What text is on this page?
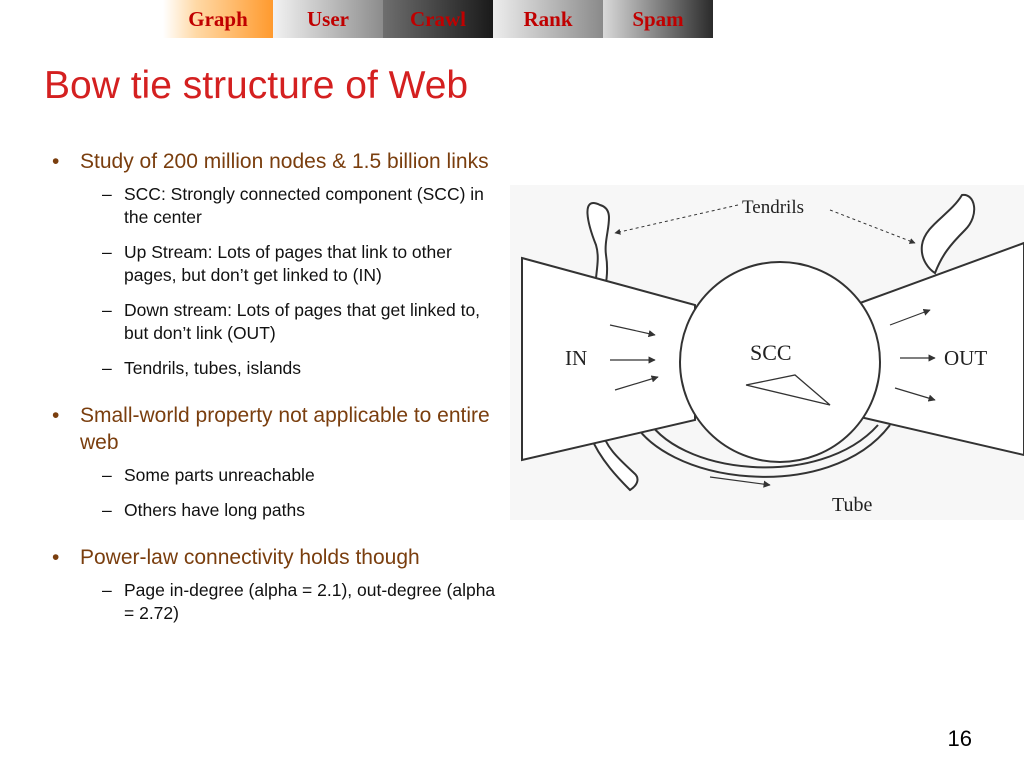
Graph	User	Crawl	Rank	Spam
Bow tie structure of Web
• Study of 200 million nodes & 1.5 billion links
– SCC: Strongly connected component (SCC) in the center
– Up Stream: Lots of pages that link to other pages, but don’t get linked to (IN)
– Down stream: Lots of pages that get linked to, but don’t link (OUT)
– Tendrils, tubes, islands
• Small-world property not applicable to entire web
– Some parts unreachable
– Others have long paths
• Power-law connectivity holds though
– Page in-degree (alpha = 2.1), out-degree (alpha = 2.72)
Tendrils
IN	SCC	OUT
Tube
16
